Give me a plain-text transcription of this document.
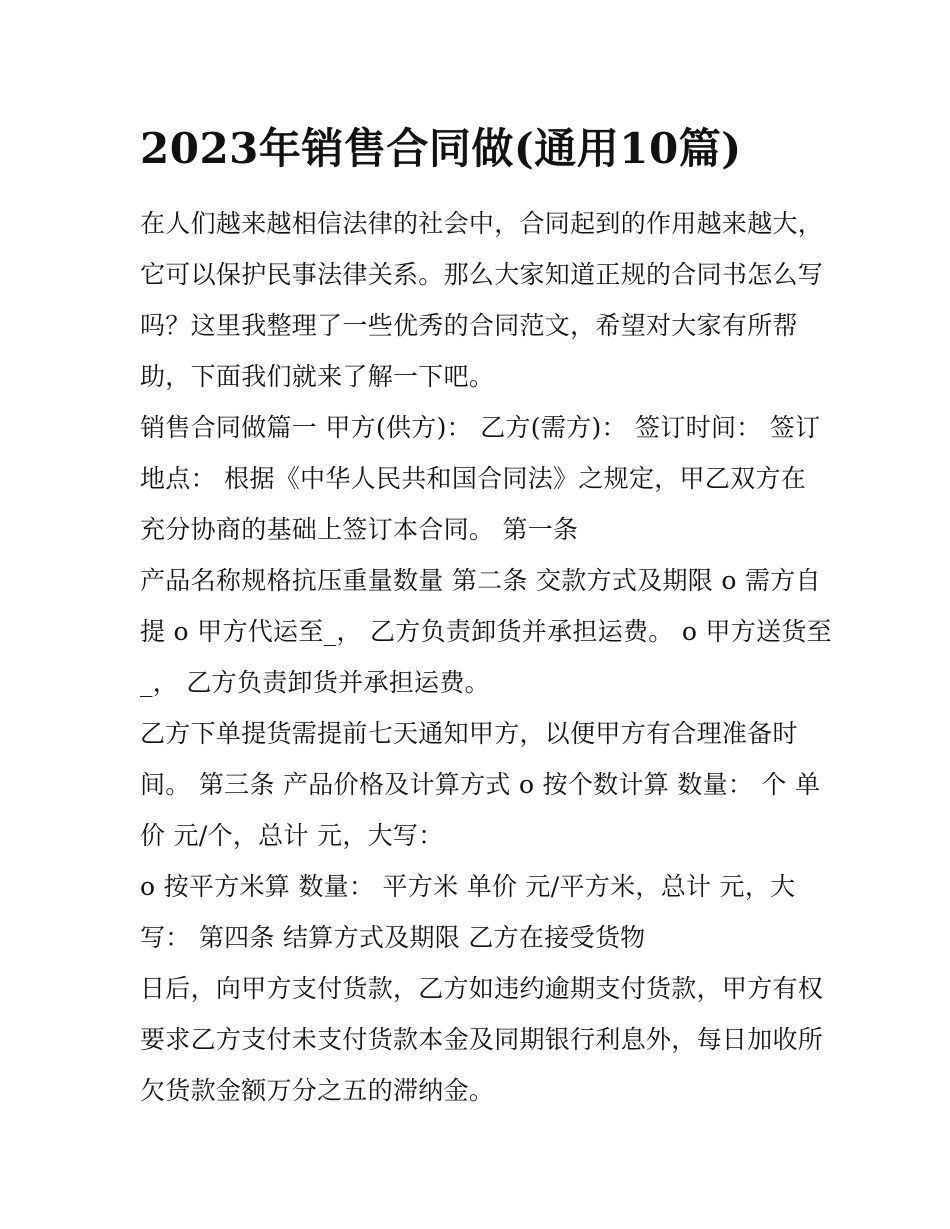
2023年销售合同做(通用10篇)
在人们越来越相信法律的社会中，合同起到的作用越来越大，
它可以保护民事法律关系。那么大家知道正规的合同书怎么写
吗？这里我整理了一些优秀的合同范文，希望对大家有所帮
助，下面我们就来了解一下吧。
销售合同做篇一 甲方(供方)： 乙方(需方)： 签订时间： 签订
地点： 根据《中华人民共和国合同法》之规定，甲乙双方在
充分协商的基础上签订本合同。 第一条
产品名称规格抗压重量数量 第二条 交款方式及期限 o 需方自
提 o 甲方代运至_， 乙方负责卸货并承担运费。 o 甲方送货至
_， 乙方负责卸货并承担运费。
乙方下单提货需提前七天通知甲方，以便甲方有合理准备时
间。 第三条 产品价格及计算方式 o 按个数计算 数量： 个 单
价 元/个，总计 元，大写：
o 按平方米算 数量： 平方米 单价 元/平方米，总计 元，大
写： 第四条 结算方式及期限 乙方在接受货物
日后，向甲方支付货款，乙方如违约逾期支付货款，甲方有权
要求乙方支付未支付货款本金及同期银行利息外，每日加收所
欠货款金额万分之五的滞纳金。
